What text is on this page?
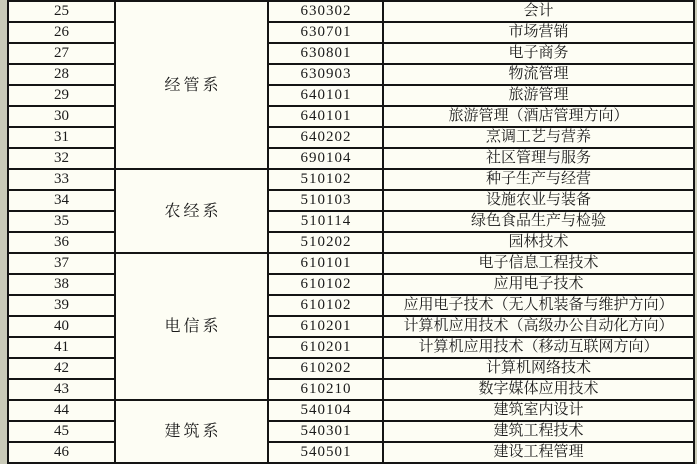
25	经管系	630302	会计
26		630701	市场营销
27		630801	电子商务
28		630903	物流管理
29		640101	旅游管理
30		640101	旅游管理（酒店管理方向）
31		640202	烹调工艺与营养
32		690104	社区管理与服务
33	农经系	510102	种子生产与经营
34		510103	设施农业与装备
35		510114	绿色食品生产与检验
36		510202	园林技术
37	电信系	610101	电子信息工程技术
38		610102	应用电子技术
39		610102	应用电子技术（无人机装备与维护方向）
40		610201	计算机应用技术（高级办公自动化方向）
41		610201	计算机应用技术（移动互联网方向）
42		610202	计算机网络技术
43		610210	数字媒体应用技术
44	建筑系	540104	建筑室内设计
45		540301	建筑工程技术
46		540501	建设工程管理
